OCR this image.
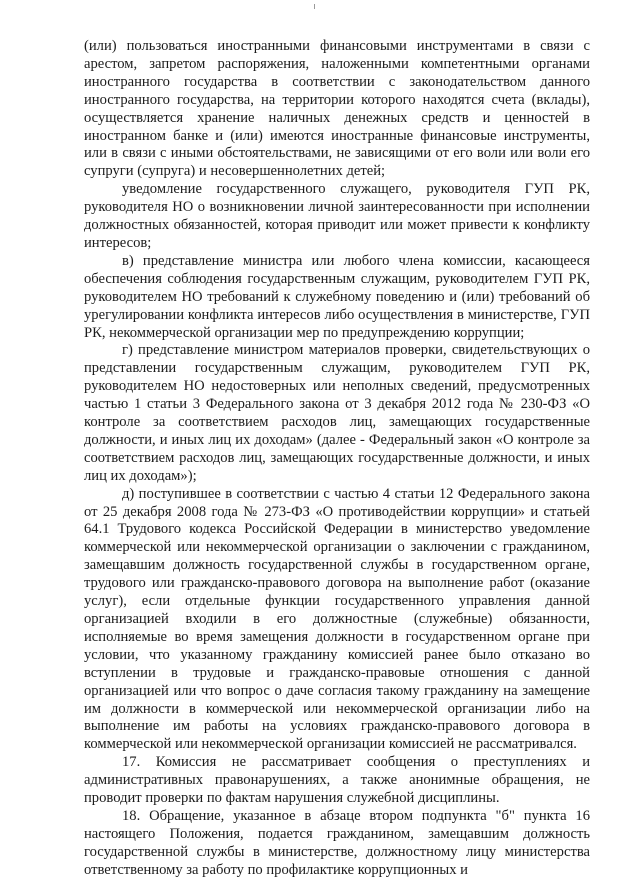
(или) пользоваться иностранными финансовыми инструментами в связи с арестом, запретом распоряжения, наложенными компетентными органами иностранного государства в соответствии с законодательством данного иностранного государства, на территории которого находятся счета (вклады), осуществляется хранение наличных денежных средств и ценностей в иностранном банке и (или) имеются иностранные финансовые инструменты, или в связи с иными обстоятельствами, не зависящими от его воли или воли его супруги (супруга) и несовершеннолетних детей;

уведомление государственного служащего, руководителя ГУП РК, руководителя НО о возникновении личной заинтересованности при исполнении должностных обязанностей, которая приводит или может привести к конфликту интересов;

в) представление министра или любого члена комиссии, касающееся обеспечения соблюдения государственным служащим, руководителем ГУП РК, руководителем НО требований к служебному поведению и (или) требований об урегулировании конфликта интересов либо осуществления в министерстве, ГУП РК, некоммерческой организации мер по предупреждению коррупции;

г) представление министром материалов проверки, свидетельствующих о представлении государственным служащим, руководителем ГУП РК, руководителем НО недостоверных или неполных сведений, предусмотренных частью 1 статьи 3 Федерального закона от 3 декабря 2012 года № 230-ФЗ «О контроле за соответствием расходов лиц, замещающих государственные должности, и иных лиц их доходам» (далее - Федеральный закон «О контроле за соответствием расходов лиц, замещающих государственные должности, и иных лиц их доходам»);

д) поступившее в соответствии с частью 4 статьи 12 Федерального закона от 25 декабря 2008 года № 273-ФЗ «О противодействии коррупции» и статьей 64.1 Трудового кодекса Российской Федерации в министерство уведомление коммерческой или некоммерческой организации о заключении с гражданином, замещавшим должность государственной службы в государственном органе, трудового или гражданско-правового договора на выполнение работ (оказание услуг), если отдельные функции государственного управления данной организацией входили в его должностные (служебные) обязанности, исполняемые во время замещения должности в государственном органе при условии, что указанному гражданину комиссией ранее было отказано во вступлении в трудовые и гражданско-правовые отношения с данной организацией или что вопрос о даче согласия такому гражданину на замещение им должности в коммерческой или некоммерческой организации либо на выполнение им работы на условиях гражданско-правового договора в коммерческой или некоммерческой организации комиссией не рассматривался.

17. Комиссия не рассматривает сообщения о преступлениях и административных правонарушениях, а также анонимные обращения, не проводит проверки по фактам нарушения служебной дисциплины.

18. Обращение, указанное в абзаце втором подпункта "б" пункта 16 настоящего Положения, подается гражданином, замещавшим должность государственной службы в министерстве, должностному лицу министерства ответственному за работу по профилактике коррупционных и
